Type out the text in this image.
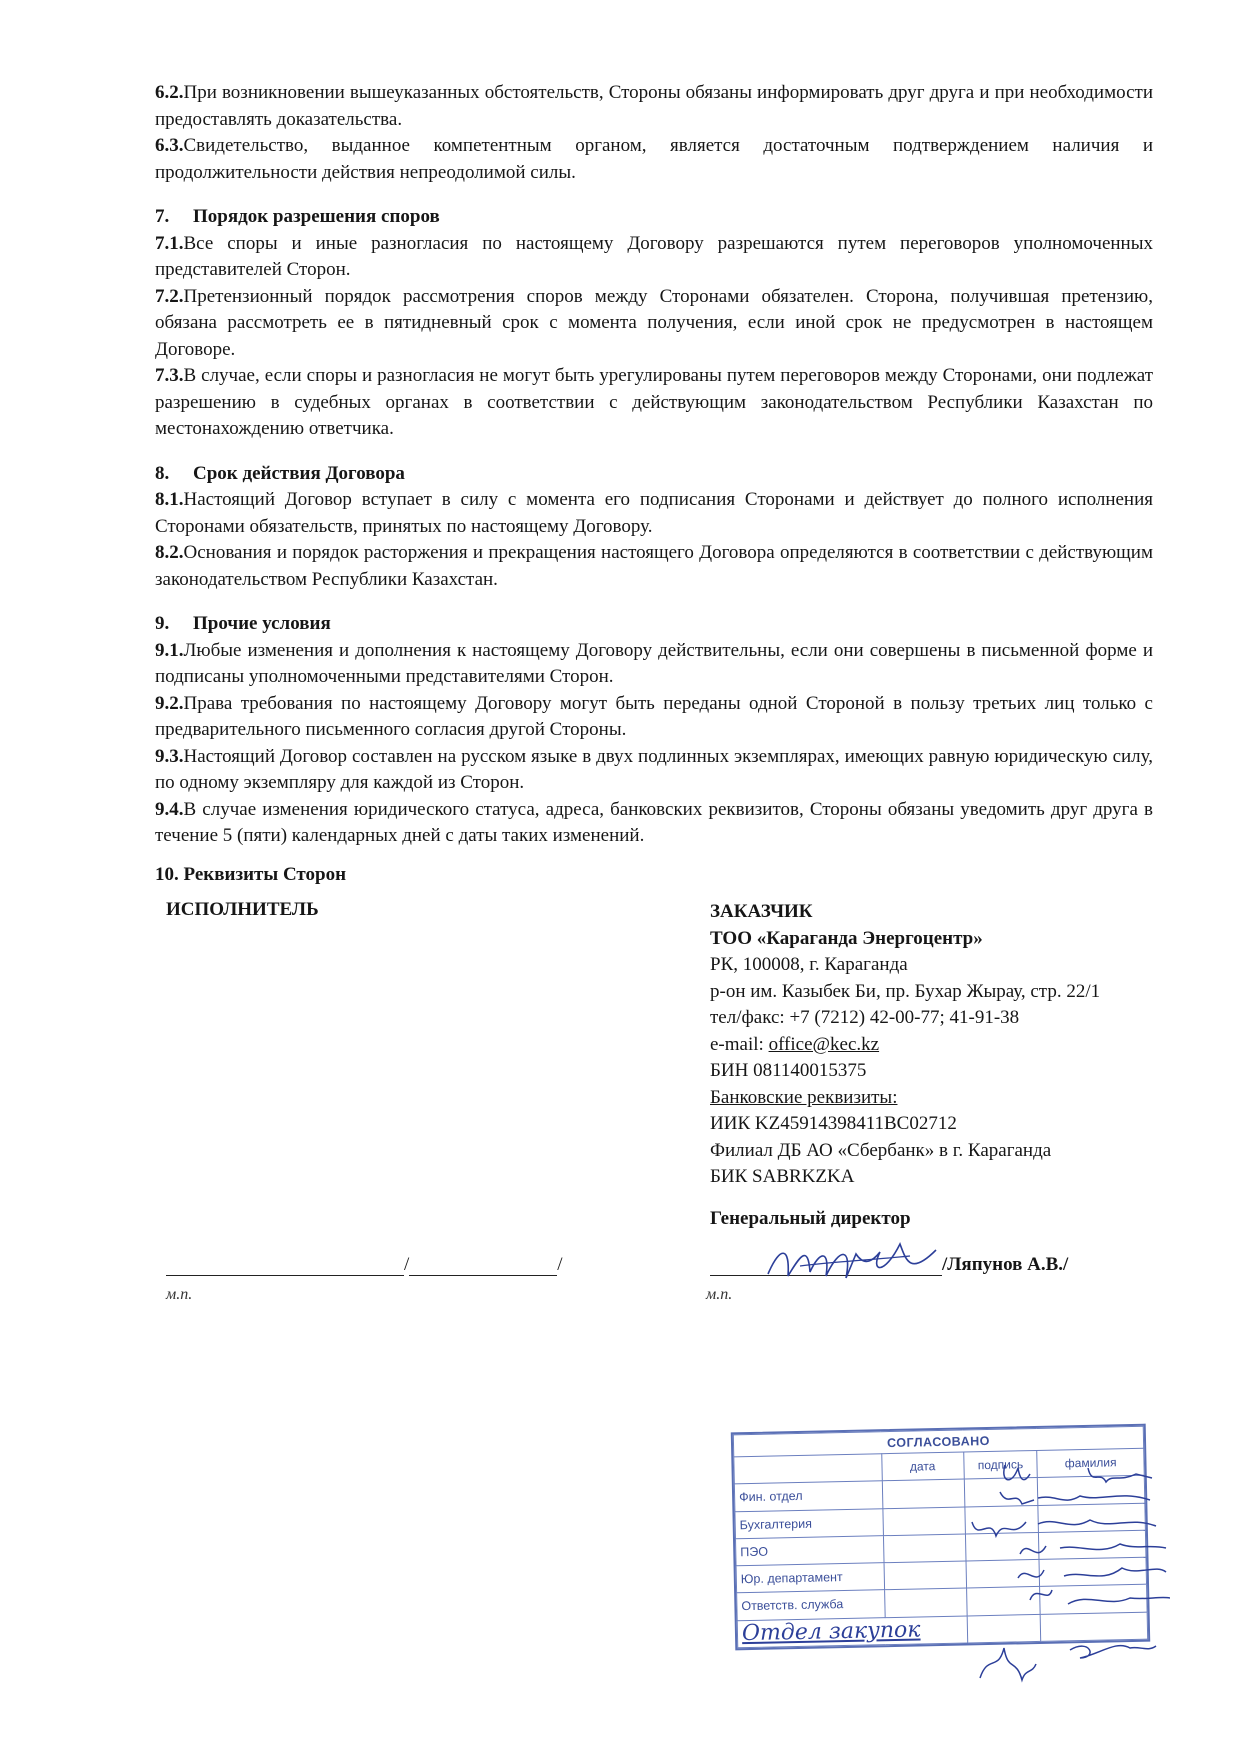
6.2.При возникновении вышеуказанных обстоятельств, Стороны обязаны информировать друг друга и при необходимости предоставлять доказательства.

6.3.Свидетельство, выданное компетентным органом, является достаточным подтверждением наличия и продолжительности действия непреодолимой силы.

7. Порядок разрешения споров

7.1.Все споры и иные разногласия по настоящему Договору разрешаются путем переговоров уполномоченных представителей Сторон.

7.2.Претензионный порядок рассмотрения споров между Сторонами обязателен. Сторона, получившая претензию, обязана рассмотреть ее в пятидневный срок с момента получения, если иной срок не предусмотрен в настоящем Договоре.

7.3.В случае, если споры и разногласия не могут быть урегулированы путем переговоров между Сторонами, они подлежат разрешению в судебных органах в соответствии с действующим законодательством Республики Казахстан по местонахождению ответчика.

8. Срок действия Договора

8.1.Настоящий Договор вступает в силу с момента его подписания Сторонами и действует до полного исполнения Сторонами обязательств, принятых по настоящему Договору.

8.2.Основания и порядок расторжения и прекращения настоящего Договора определяются в соответствии с действующим законодательством Республики Казахстан.

9. Прочие условия

9.1.Любые изменения и дополнения к настоящему Договору действительны, если они совершены в письменной форме и подписаны уполномоченными представителями Сторон.

9.2.Права требования по настоящему Договору могут быть переданы одной Стороной в пользу третьих лиц только с предварительного письменного согласия другой Стороны.

9.3.Настоящий Договор составлен на русском языке в двух подлинных экземплярах, имеющих равную юридическую силу, по одному экземпляру для каждой из Сторон.

9.4.В случае изменения юридического статуса, адреса, банковских реквизитов, Стороны обязаны уведомить друг друга в течение 5 (пяти) календарных дней с даты таких изменений.

10. Реквизиты Сторон
ИСПОЛНИТЕЛЬ	ЗАКАЗЧИК
ТОО «Караганда Энергоцентр»
РК, 100008, г. Караганда
р-он им. Казыбек Би, пр. Бухар Жырау, стр. 22/1
тел/факс: +7 (7212) 42-00-77; 41-91-38
e-mail: office@kec.kz
БИН 081140015375
Банковские реквизиты:
ИИК KZ45914398411BC02712
Филиал ДБ АО «Сбербанк» в г. Караганда
БИК SABRKZKA
Генеральный директор
/	/
м.п.
/Ляпунов А.В./
м.п.
СОГЛАСОВАНО			
	дата	подпись	фамилия
Фин. отдел			
Бухгалтерия			
ПЭО			
Юр. департамент			
Ответств. служба			
Отдел закупок			
